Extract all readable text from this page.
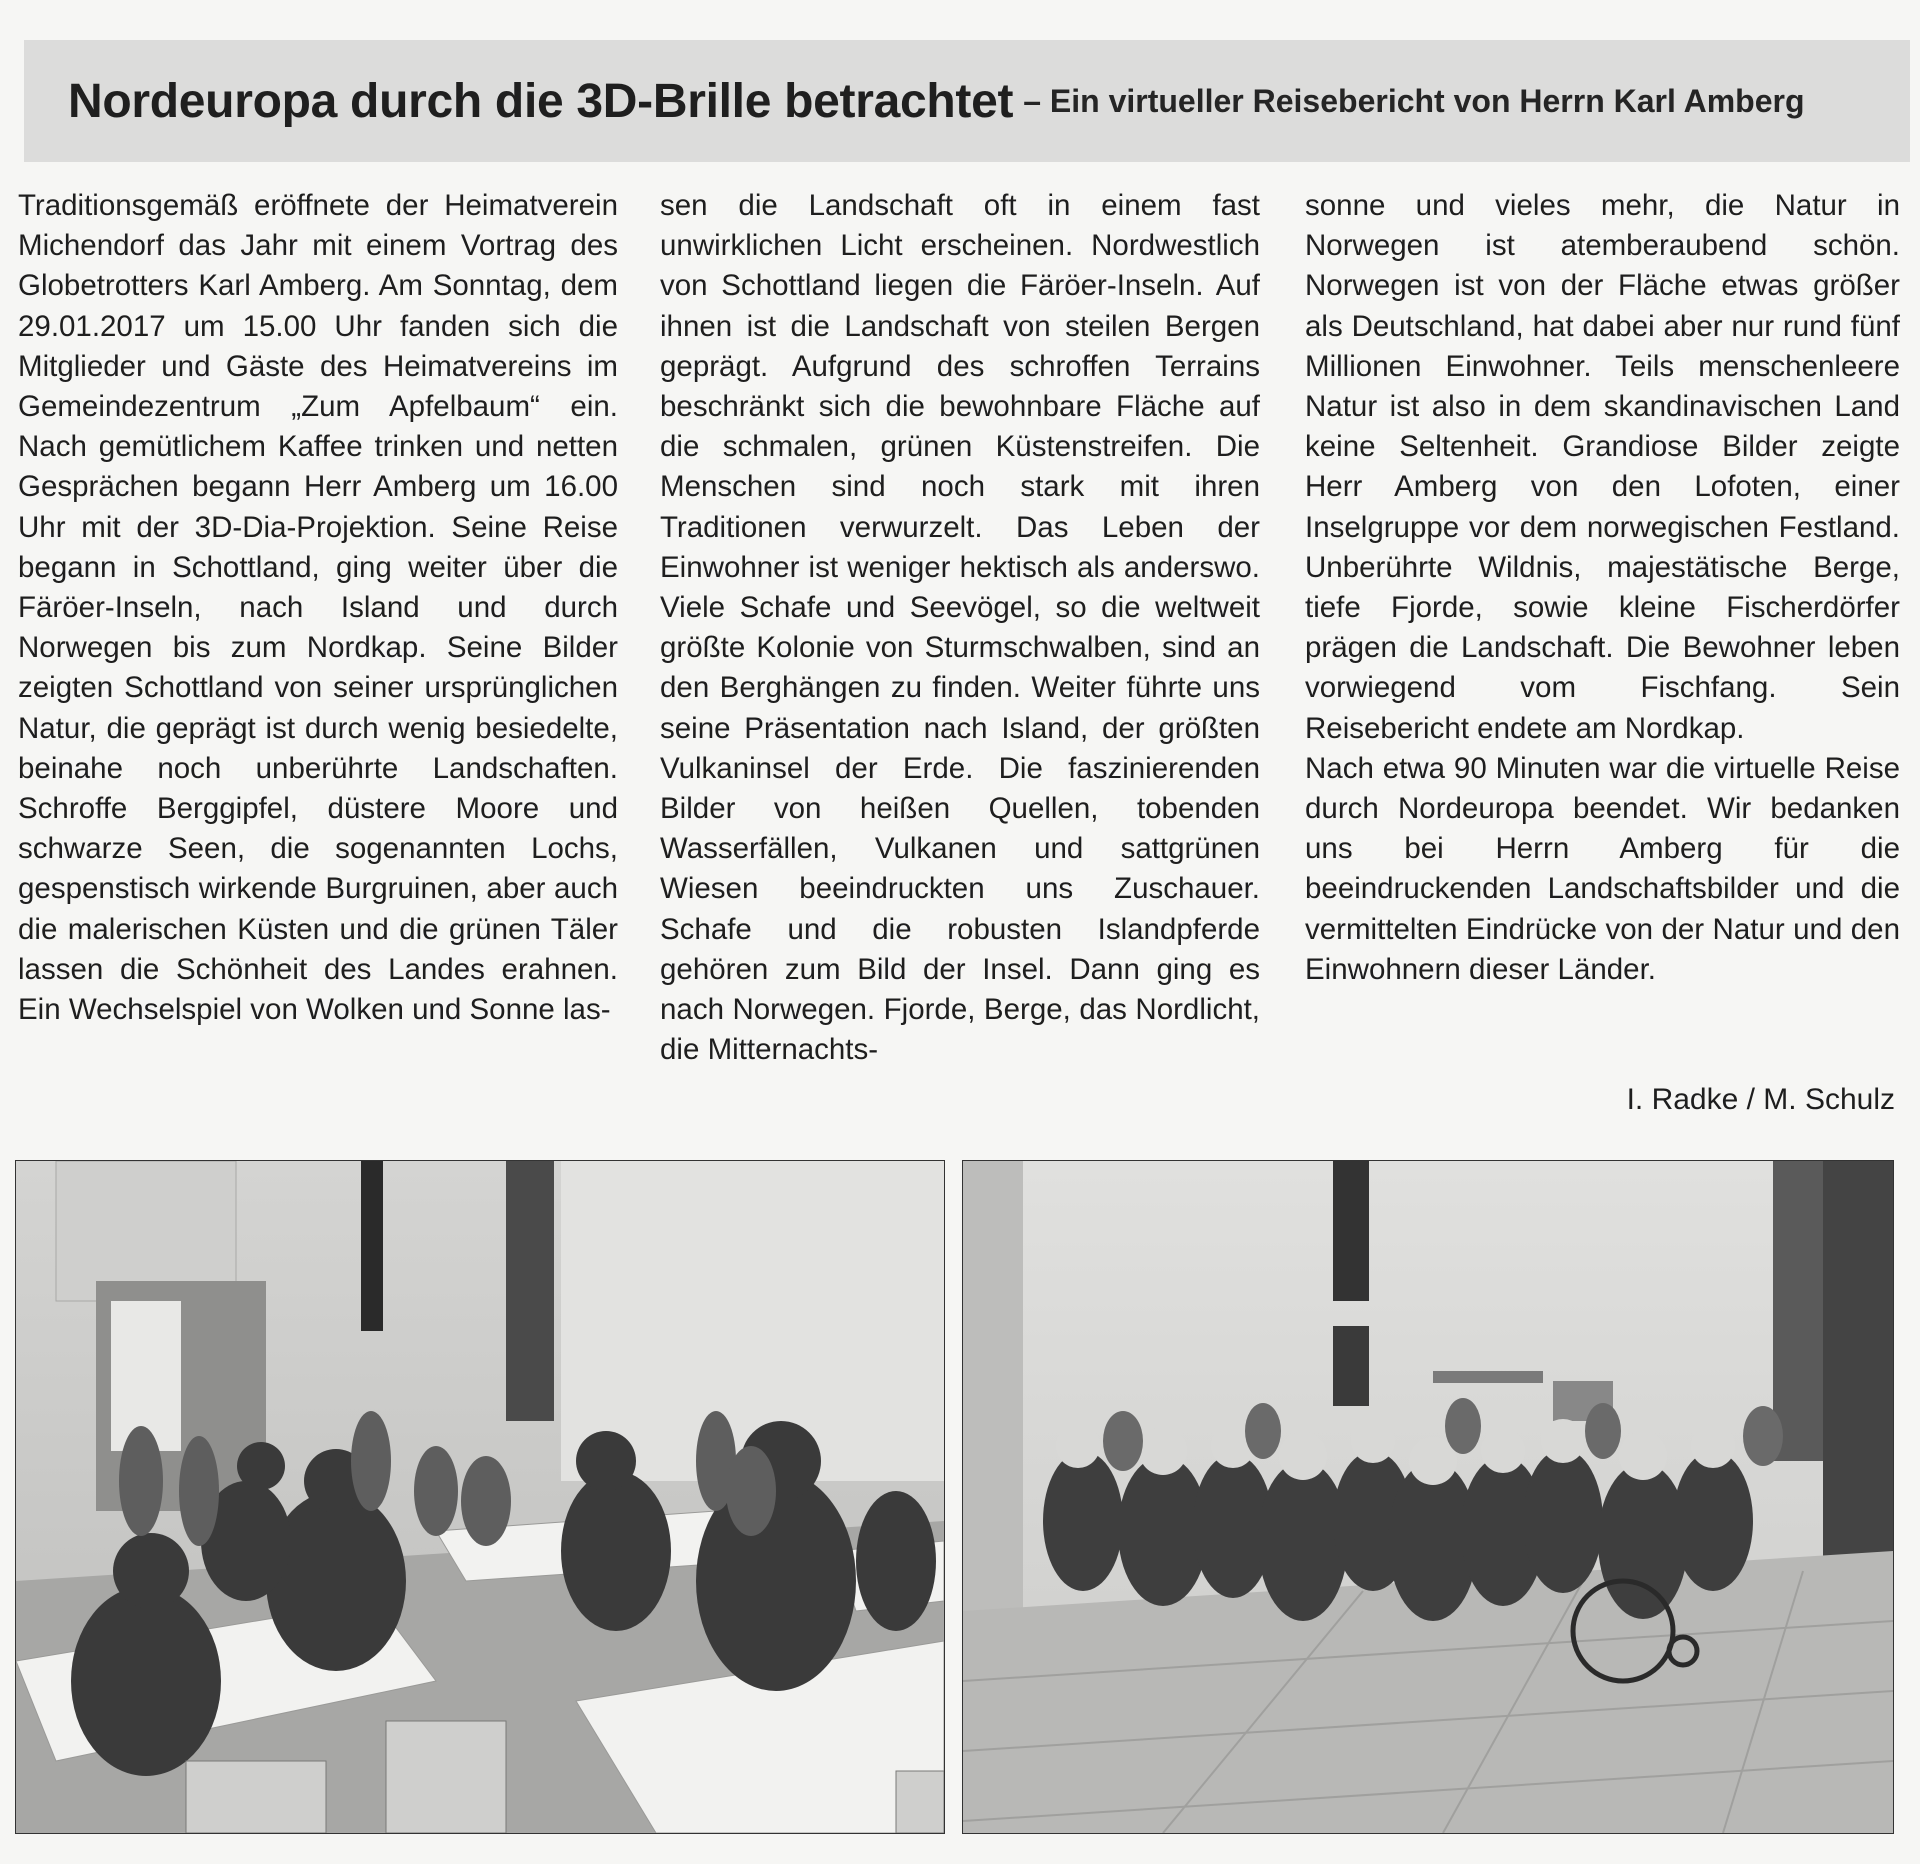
Nordeuropa durch die 3D-Brille betrachtet – Ein virtueller Reisebericht von Herrn Karl Amberg

Traditionsgemäß eröffnete der Heimatverein Michendorf das Jahr mit einem Vortrag des Globetrotters Karl Amberg. Am Sonntag, dem 29.01.2017 um 15.00 Uhr fanden sich die Mitglieder und Gäste des Heimatvereins im Gemeindezentrum „Zum Apfelbaum“ ein. Nach gemütlichem Kaffee trinken und netten Gesprächen begann Herr Amberg um 16.00 Uhr mit der 3D-Dia-Projektion. Seine Reise begann in Schottland, ging weiter über die Färöer-Inseln, nach Island und durch Norwegen bis zum Nordkap. Seine Bilder zeigten Schottland von seiner ursprünglichen Natur, die geprägt ist durch wenig besiedelte, beinahe noch unberührte Landschaften. Schroffe Berggipfel, düstere Moore und schwarze Seen, die sogenannten Lochs, gespenstisch wirkende Burgruinen, aber auch die malerischen Küsten und die grünen Täler lassen die Schönheit des Landes erahnen. Ein Wechselspiel von Wolken und Sonne las-

sen die Landschaft oft in einem fast unwirklichen Licht erscheinen. Nordwestlich von Schottland liegen die Färöer-Inseln. Auf ihnen ist die Landschaft von steilen Bergen geprägt. Aufgrund des schroffen Terrains beschränkt sich die bewohnbare Fläche auf die schmalen, grünen Küstenstreifen. Die Menschen sind noch stark mit ihren Traditionen verwurzelt. Das Leben der Einwohner ist weniger hektisch als anderswo. Viele Schafe und Seevögel, so die weltweit größte Kolonie von Sturmschwalben, sind an den Berghängen zu finden. Weiter führte uns seine Präsentation nach Island, der größten Vulkaninsel der Erde. Die faszinierenden Bilder von heißen Quellen, tobenden Wasserfällen, Vulkanen und sattgrünen Wiesen beeindruckten uns Zuschauer. Schafe und die robusten Islandpferde gehören zum Bild der Insel. Dann ging es nach Norwegen. Fjorde, Berge, das Nordlicht, die Mitternachts-

sonne und vieles mehr, die Natur in Norwegen ist atemberaubend schön. Norwegen ist von der Fläche etwas größer als Deutschland, hat dabei aber nur rund fünf Millionen Einwohner. Teils menschenleere Natur ist also in dem skandinavischen Land keine Seltenheit. Grandiose Bilder zeigte Herr Amberg von den Lofoten, einer Inselgruppe vor dem norwegischen Festland. Unberührte Wildnis, majestätische Berge, tiefe Fjorde, sowie kleine Fischerdörfer prägen die Landschaft. Die Bewohner leben vorwiegend vom Fischfang. Sein Reisebericht endete am Nordkap.

Nach etwa 90 Minuten war die virtuelle Reise durch Nordeuropa beendet. Wir bedanken uns bei Herrn Amberg für die beeindruckenden Landschaftsbilder und die vermittelten Eindrücke von der Natur und den Einwohnern dieser Länder.

I. Radke / M. Schulz
